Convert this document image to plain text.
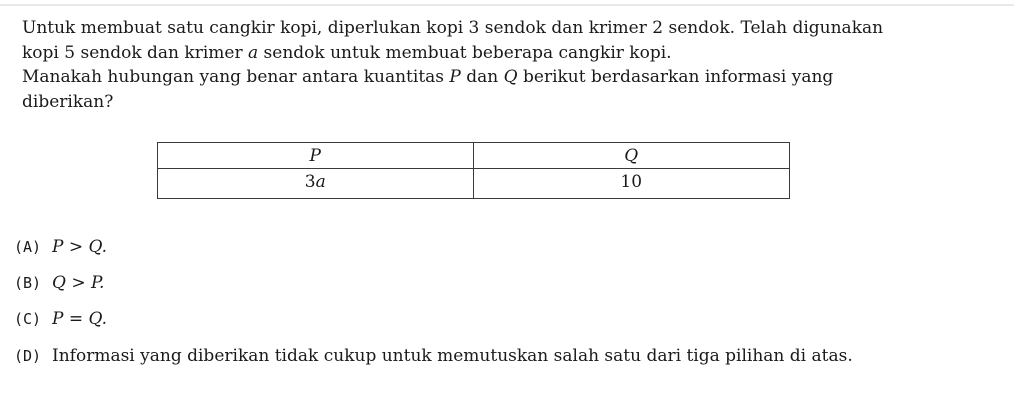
Untuk membuat satu cangkir kopi, diperlukan kopi 3 sendok dan krimer 2 sendok. Telah digunakan

kopi 5 sendok dan krimer a sendok untuk membuat beberapa cangkir kopi.

Manakah hubungan yang benar antara kuantitas P dan Q berikut berdasarkan informasi yang

diberikan?

P	Q
3a	10
(A) P > Q.
(B) Q > P.
(C) P = Q.
(D) Informasi yang diberikan tidak cukup untuk memutuskan salah satu dari tiga pilihan di atas.
